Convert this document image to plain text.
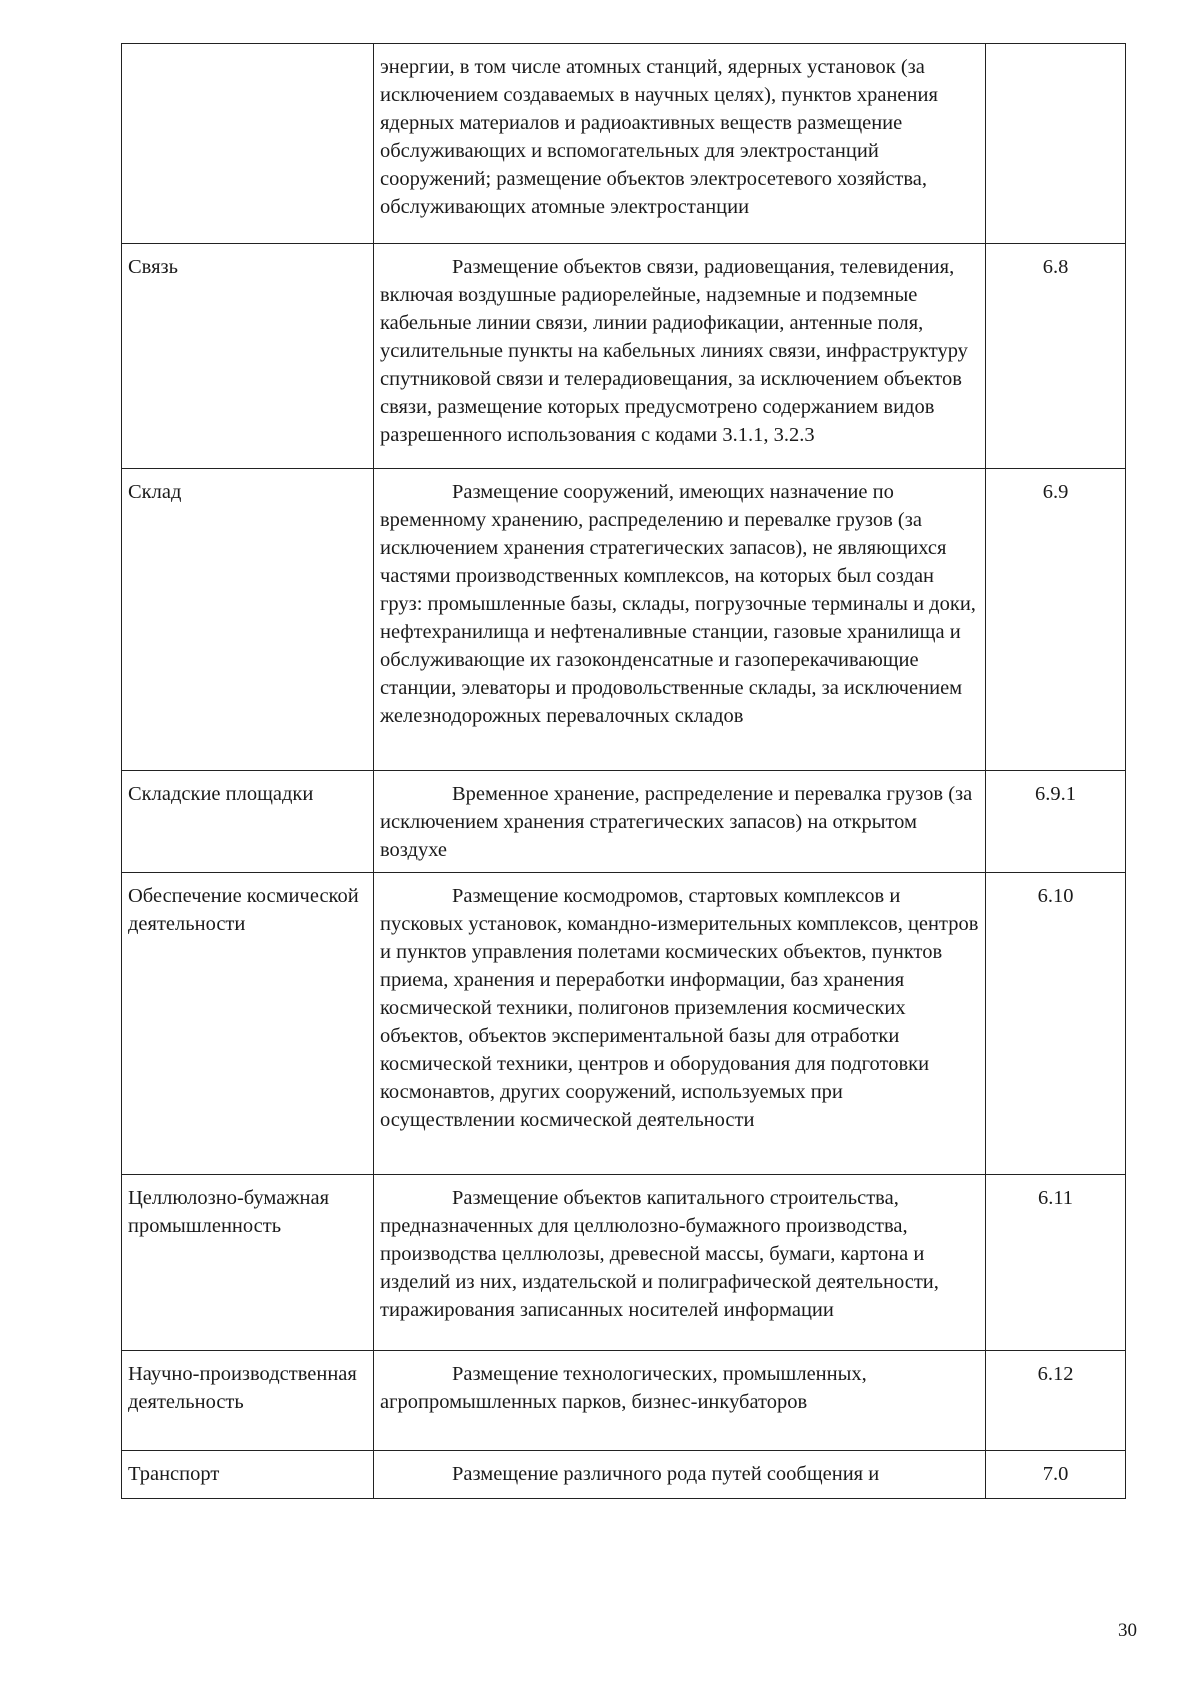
	энергии, в том числе атомных станций, ядерных установок (за исключением создаваемых в научных целях), пунктов хранения ядерных материалов и радиоактивных веществ размещение обслуживающих и вспомогательных для электростанций сооружений; размещение объектов электросетевого хозяйства, обслуживающих атомные электростанции	
Связь	Размещение объектов связи, радиовещания, телевидения, включая воздушные радиорелейные, надземные и подземные кабельные линии связи, линии радиофикации, антенные поля, усилительные пункты на кабельных линиях связи, инфраструктуру спутниковой связи и телерадиовещания, за исключением объектов связи, размещение которых предусмотрено содержанием видов разрешенного использования с кодами 3.1.1, 3.2.3	6.8
Склад	Размещение сооружений, имеющих назначение по временному хранению, распределению и перевалке грузов (за исключением хранения стратегических запасов), не являющихся частями производственных комплексов, на которых был создан груз: промышленные базы, склады, погрузочные терминалы и доки, нефтехранилища и нефтеналивные станции, газовые хранилища и обслуживающие их газоконденсатные и газоперекачивающие станции, элеваторы и продовольственные склады, за исключением железнодорожных перевалочных складов	6.9
Складские площадки	Временное хранение, распределение и перевалка грузов (за исключением хранения стратегических запасов) на открытом воздухе	6.9.1
Обеспечение космической деятельности	Размещение космодромов, стартовых комплексов и пусковых установок, командно-измерительных комплексов, центров и пунктов управления полетами космических объектов, пунктов приема, хранения и переработки информации, баз хранения космической техники, полигонов приземления космических объектов, объектов экспериментальной базы для отработки космической техники, центров и оборудования для подготовки космонавтов, других сооружений, используемых при осуществлении космической деятельности	6.10
Целлюлозно-бумажная промышленность	Размещение объектов капитального строительства, предназначенных для целлюлозно-бумажного производства, производства целлюлозы, древесной массы, бумаги, картона и изделий из них, издательской и полиграфической деятельности, тиражирования записанных носителей информации	6.11
Научно-производственная деятельность	Размещение технологических, промышленных, агропромышленных парков, бизнес-инкубаторов	6.12
Транспорт	Размещение различного рода путей сообщения и	7.0
30
